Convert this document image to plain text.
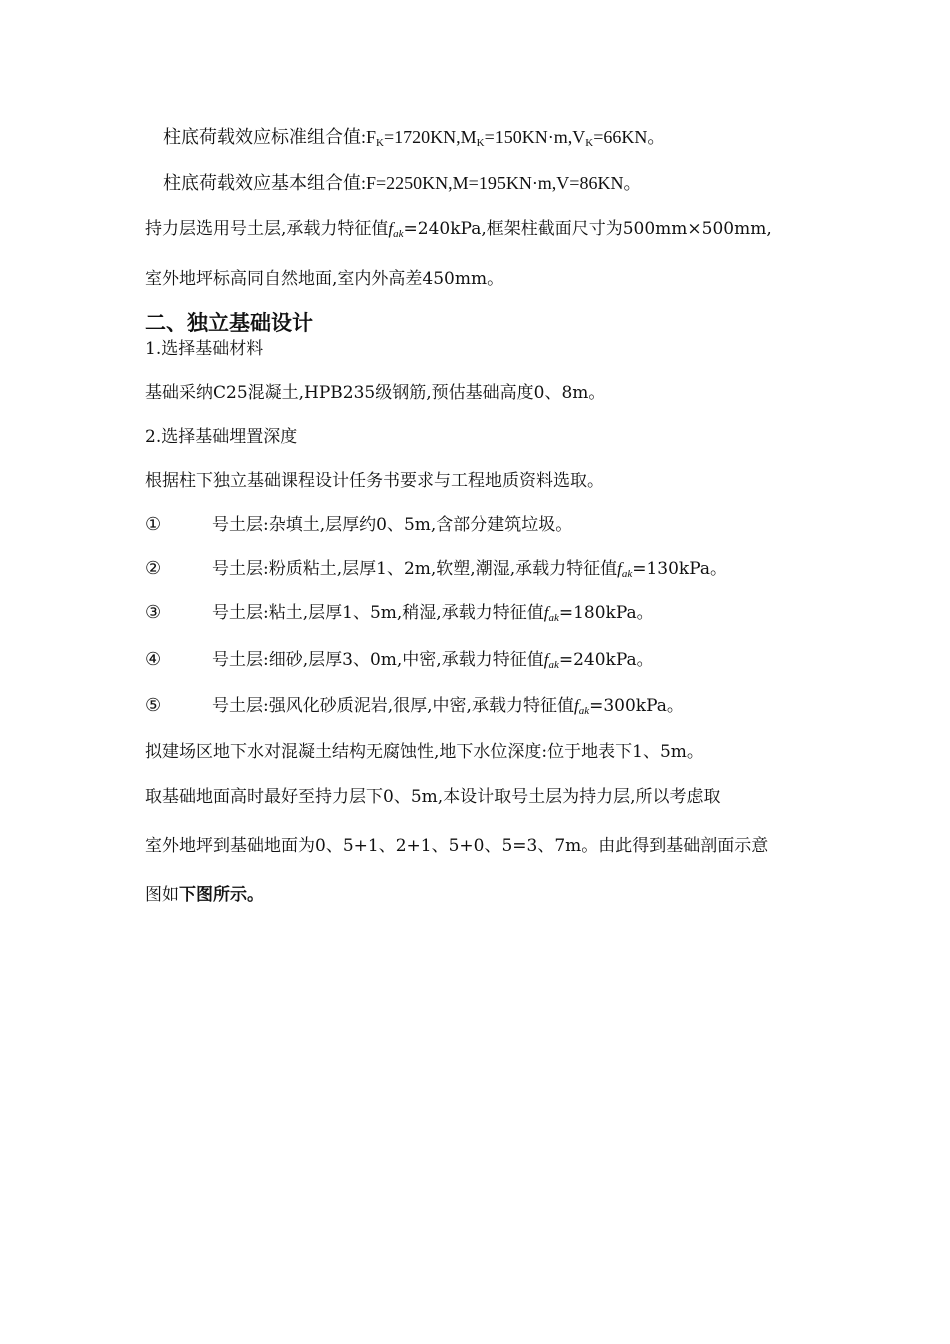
柱底荷载效应标准组合值$:F_K=1720KN,M_K=150KN\cdot m,V_K=66KN$。
柱底荷载效应基本组合值:F=2250KN,M=195KN·m,V=86KN。
持力层选用号土层,承载力特征值$f_{ak}=240kPa$,框架柱截面尺寸为500mm×500mm,
室外地坪标高同自然地面,室内外高差450mm。
二、独立基础设计
1.选择基础材料
基础采纳C25混凝土,HPB235级钢筋,预估基础高度0、8m。
2.选择基础埋置深度
根据柱下独立基础课程设计任务书要求与工程地质资料选取。
①	号土层:杂填土,层厚约0、5m,含部分建筑垃圾。
②	号土层:粉质粘土,层厚1、2m,软塑,潮湿,承载力特征值$f_{ak}=130kPa$。
③	号土层:粘土,层厚1、5m,稍湿,承载力特征值$f_{ak}=180kPa$。
④	号土层:细砂,层厚3、0m,中密,承载力特征值$f_{ak}=240kPa$。
⑤	号土层:强风化砂质泥岩,很厚,中密,承载力特征值$f_{ak}=300kPa$。
拟建场区地下水对混凝土结构无腐蚀性,地下水位深度:位于地表下1、5m。
取基础地面高时最好至持力层下0、5m,本设计取号土层为持力层,所以考虑取
室外地坪到基础地面为0、5+1、2+1、5+0、5=3、7m。由此得到基础剖面示意
图如下图所示。
